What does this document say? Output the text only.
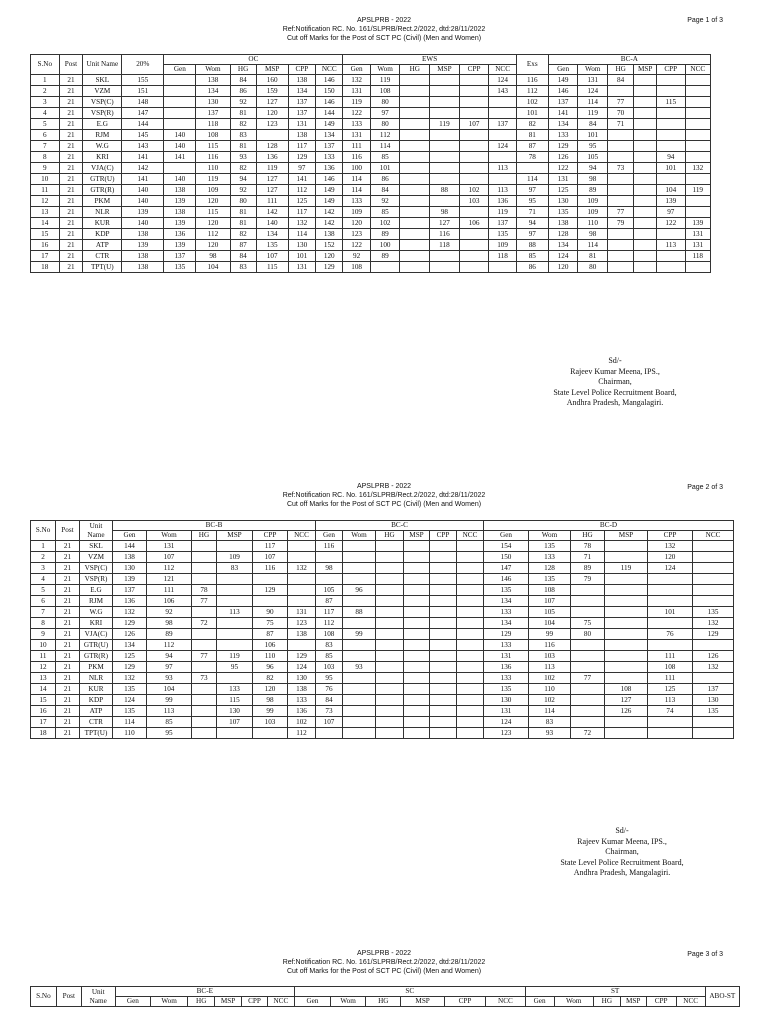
APSLPRB - 2022
Ref:Notification RC. No. 161/SLPRB/Rect.2/2022, dtd:28/11/2022
Cut off Marks for the Post of SCT PC (Civil) (Men and Women)
Page 1 of 3
S.No	Post	Unit Name	20%	OC						EWS						Exs	BC-A					
				Gen	Wom	HG	MSP	CPP	NCC	Gen	Wom	HG	MSP	CPP	NCC		Gen	Wom	HG	MSP	CPP	NCC
1	21	SKL	155		138	84	160	138	146	132	119				124	116	149	131	84			
2	21	VZM	151		134	86	159	134	150	131	108				143	112	146	124				
3	21	VSP(C)	148		130	92	127	137	146	119	80					102	137	114	77		115	
4	21	VSP(R)	147		137	81	120	137	144	122	97					101	141	119	70			
5	21	E.G	144		118	82	123	131	149	133	80		119	107	137	82	134	84	71			
6	21	RJM	145	140	108	83		138	134	131	112					81	133	101				
7	21	W.G	143	140	115	81	128	117	137	111	114				124	87	129	95				
8	21	KRI	141	141	116	93	136	129	133	116	85					78	126	105			94	
9	21	VJA(C)	142		110	82	119	97	136	100	101				113		122	94	73		101	132
10	21	GTR(U)	141	140	119	94	127	141	146	114	86					114	131	98				
11	21	GTR(R)	140	138	109	92	127	112	149	114	84		88	102	113	97	125	89			104	119
12	21	PKM	140	139	120	80	111	125	149	133	92			103	136	95	130	109			139	
13	21	NLR	139	138	115	81	142	117	142	109	85		98		119	71	135	109	77		97	
14	21	KUR	140	139	120	81	140	132	142	120	102		127	106	137	94	138	110	79		122	139
15	21	KDP	138	136	112	82	134	114	138	123	89		116		135	97	128	98				131
16	21	ATP	139	139	120	87	135	130	152	122	100		118		109	88	134	114			113	131
17	21	CTR	138	137	98	84	107	101	120	92	89				118	85	124	81				118
18	21	TPT(U)	138	135	104	83	115	131	129	108						86	120	80				
Sd/-
Rajeev Kumar Meena, IPS.,
Chairman,
State Level Police Recruitment Board,
Andhra Pradesh, Mangalagiri.
APSLPRB - 2022
Ref:Notification RC. No. 161/SLPRB/Rect.2/2022, dtd:28/11/2022
Cut off Marks for the Post of SCT PC (Civil) (Men and Women)
Page 2 of 3
S.No	Post	Unit Name	BC-B						BC-C						BC-D					
			Gen	Wom	HG	MSP	CPP	NCC	Gen	Wom	HG	MSP	CPP	NCC	Gen	Wom	HG	MSP	CPP	NCC
1	21	SKL	144	131			117		116						154	135	78		132	
2	21	VZM	138	107		109	107								150	133	71		120	
3	21	VSP(C)	130	112		83	116	132	98						147	128	89	119	124	
4	21	VSP(R)	139	121											146	135	79			
5	21	E.G	137	111	78		129		105	96					135	108				
6	21	RJM	136	106	77				87						134	107				
7	21	W.G	132	92		113	90	131	117	88					133	105			101	135
8	21	KRI	129	98	72		75	123	112						134	104	75			132
9	21	VJA(C)	126	89			87	138	108	99					129	99	80		76	129
10	21	GTR(U)	134	112			106		83						133	116				
11	21	GTR(R)	125	94	77	119	110	129	85						131	103			111	126
12	21	PKM	129	97		95	96	124	103	93					136	113			108	132
13	21	NLR	132	93	73		82	130	95						133	102	77		111	
14	21	KUR	135	104		133	120	138	76						135	110		108	125	137
15	21	KDP	124	99		115	98	133	84						130	102		127	113	130
16	21	ATP	135	113		130	99	136	73						131	114		126	74	135
17	21	CTR	114	85		107	103	102	107						124	83				
18	21	TPT(U)	110	95				112							123	93	72			
Sd/-
Rajeev Kumar Meena, IPS.,
Chairman,
State Level Police Recruitment Board,
Andhra Pradesh, Mangalagiri.
APSLPRB - 2022
Ref:Notification RC. No. 161/SLPRB/Rect.2/2022, dtd:28/11/2022
Cut off Marks for the Post of SCT PC (Civil) (Men and Women)
Page 3 of 3
S.No	Post	Unit Name	BC-E						SC						ST						ABO-ST
			Gen	Wom	HG	MSP	CPP	NCC	Gen	Wom	HG	MSP	CPP	NCC	Gen	Wom	HG	MSP	CPP	NCC	
